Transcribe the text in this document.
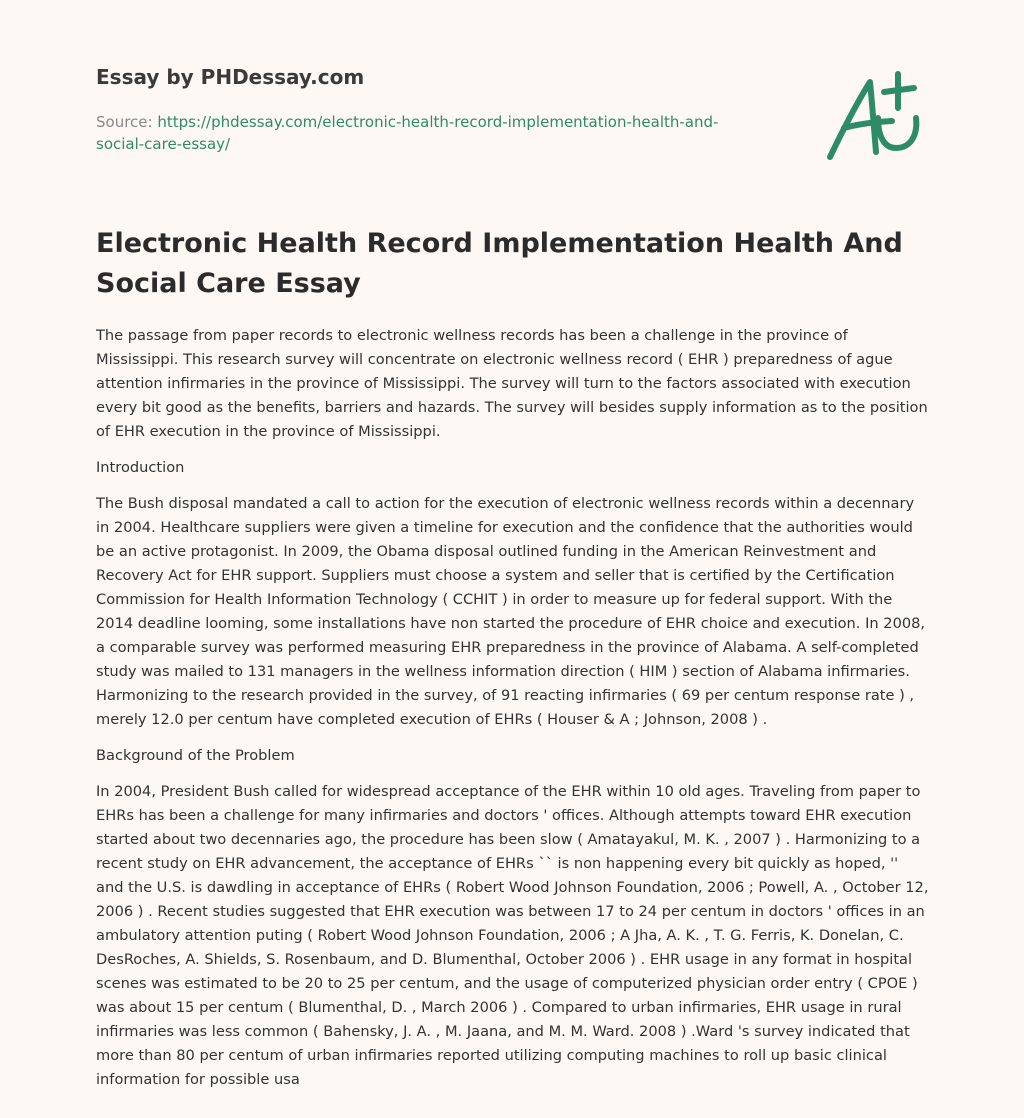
Essay by PHDessay.com
Source: https://phdessay.com/electronic-health-record-implementation-health-and-social-care-essay/
Electronic Health Record Implementation Health And Social Care Essay

The passage from paper records to electronic wellness records has been a challenge in the province of Mississippi. This research survey will concentrate on electronic wellness record ( EHR ) preparedness of ague attention infirmaries in the province of Mississippi. The survey will turn to the factors associated with execution every bit good as the benefits, barriers and hazards. The survey will besides supply information as to the position of EHR execution in the province of Mississippi.

Introduction

The Bush disposal mandated a call to action for the execution of electronic wellness records within a decennary in 2004. Healthcare suppliers were given a timeline for execution and the confidence that the authorities would be an active protagonist. In 2009, the Obama disposal outlined funding in the American Reinvestment and Recovery Act for EHR support. Suppliers must choose a system and seller that is certified by the Certification Commission for Health Information Technology ( CCHIT ) in order to measure up for federal support. With the 2014 deadline looming, some installations have non started the procedure of EHR choice and execution. In 2008, a comparable survey was performed measuring EHR preparedness in the province of Alabama. A self-completed study was mailed to 131 managers in the wellness information direction ( HIM ) section of Alabama infirmaries. Harmonizing to the research provided in the survey, of 91 reacting infirmaries ( 69 per centum response rate ) , merely 12.0 per centum have completed execution of EHRs ( Houser & A ; Johnson, 2008 ) .

Background of the Problem

In 2004, President Bush called for widespread acceptance of the EHR within 10 old ages. Traveling from paper to EHRs has been a challenge for many infirmaries and doctors ' offices. Although attempts toward EHR execution started about two decennaries ago, the procedure has been slow ( Amatayakul, M. K. , 2007 ) . Harmonizing to a recent study on EHR advancement, the acceptance of EHRs `` is non happening every bit quickly as hoped, '' and the U.S. is dawdling in acceptance of EHRs ( Robert Wood Johnson Foundation, 2006 ; Powell, A. , October 12, 2006 ) . Recent studies suggested that EHR execution was between 17 to 24 per centum in doctors ' offices in an ambulatory attention puting ( Robert Wood Johnson Foundation, 2006 ; A Jha, A. K. , T. G. Ferris, K. Donelan, C. DesRoches, A. Shields, S. Rosenbaum, and D. Blumenthal, October 2006 ) . EHR usage in any format in hospital scenes was estimated to be 20 to 25 per centum, and the usage of computerized physician order entry ( CPOE ) was about 15 per centum ( Blumenthal, D. , March 2006 ) . Compared to urban infirmaries, EHR usage in rural infirmaries was less common ( Bahensky, J. A. , M. Jaana, and M. M. Ward. 2008 ) .Ward 's survey indicated that more than 80 per centum of urban infirmaries reported utilizing computing machines to roll up basic clinical information for possible usa
